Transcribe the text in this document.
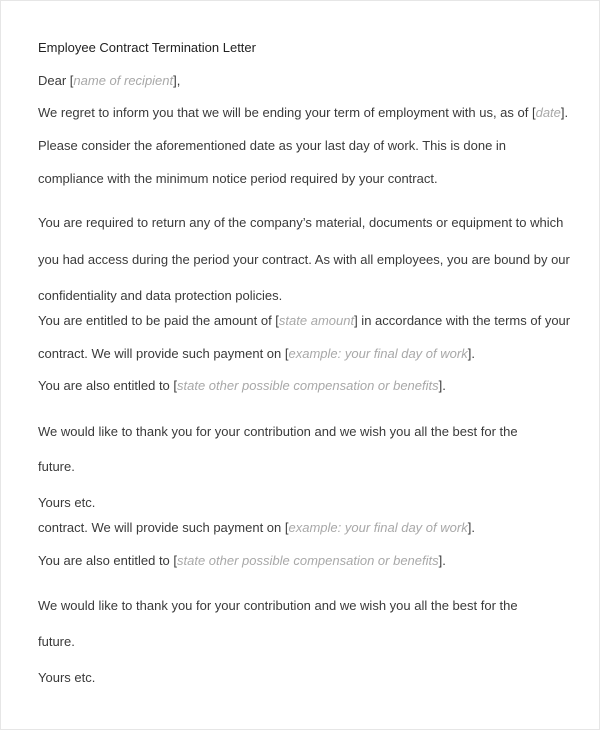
Employee Contract Termination Letter
Dear [name of recipient],
We regret to inform you that we will be ending your term of employment with us, as of [date].
Please consider the aforementioned date as your last day of work. This is done in
compliance with the minimum notice period required by your contract.
You are required to return any of the company’s material, documents or equipment to which
you had access during the period your contract. As with all employees, you are bound by our
confidentiality and data protection policies.
You are entitled to be paid the amount of [state amount] in accordance with the terms of your
contract. We will provide such payment on [example: your final day of work].
You are also entitled to [state other possible compensation or benefits].
We would like to thank you for your contribution and we wish you all the best for the
future.
Yours etc.
contract. We will provide such payment on [example: your final day of work].
You are also entitled to [state other possible compensation or benefits].
We would like to thank you for your contribution and we wish you all the best for the
future.
Yours etc.
